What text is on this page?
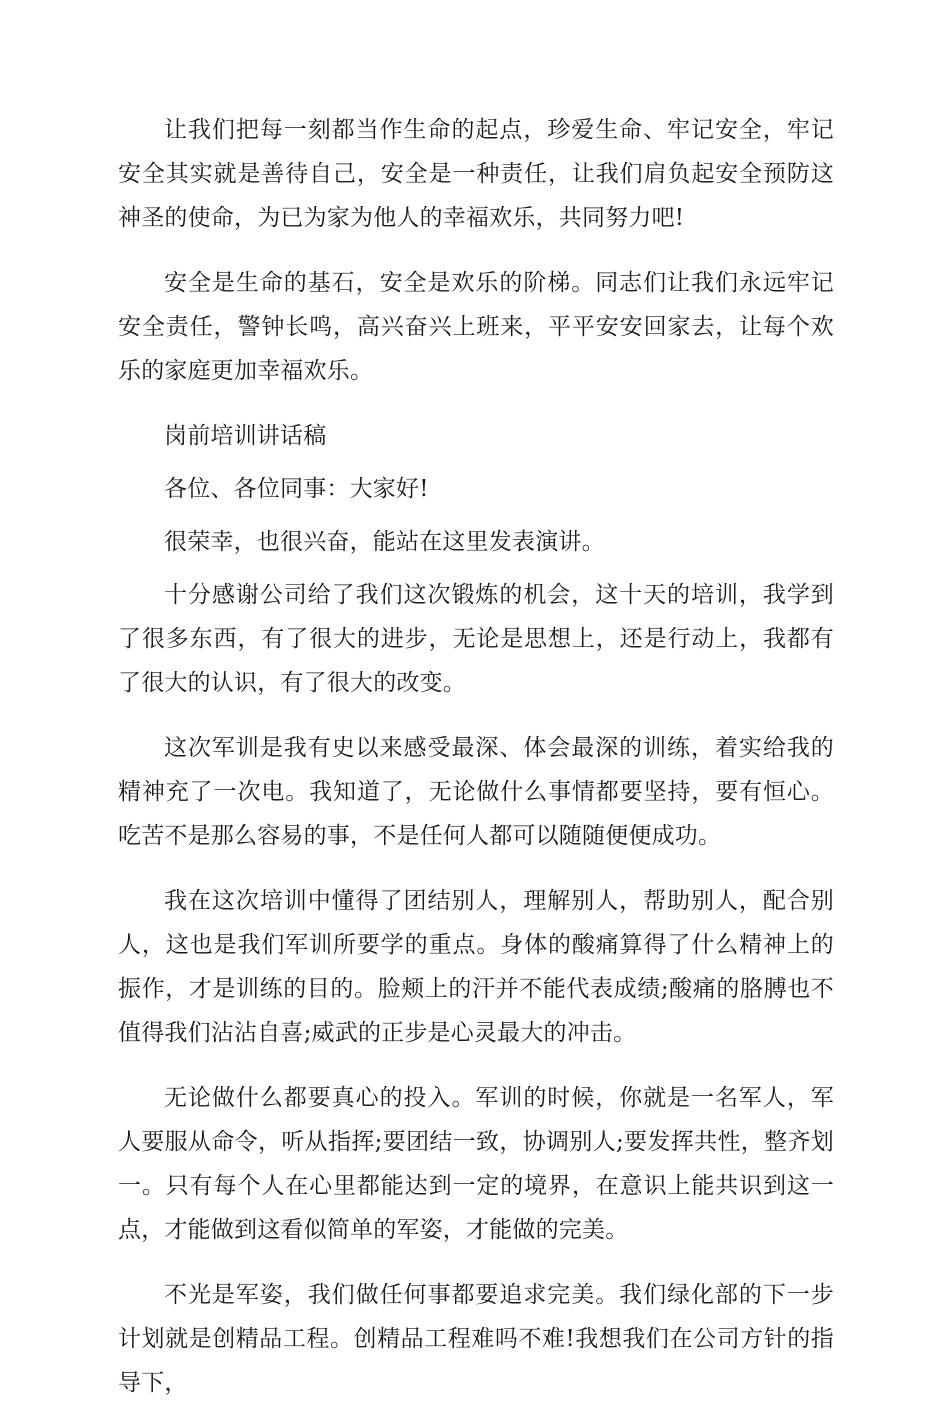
让我们把每一刻都当作生命的起点，珍爱生命、牢记安全，牢记安全其实就是善待自己，安全是一种责任，让我们肩负起安全预防这神圣的使命，为已为家为他人的幸福欢乐，共同努力吧!

安全是生命的基石，安全是欢乐的阶梯。同志们让我们永远牢记安全责任，警钟长鸣，高兴奋兴上班来，平平安安回家去，让每个欢乐的家庭更加幸福欢乐。

岗前培训讲话稿

各位、各位同事：大家好!

很荣幸，也很兴奋，能站在这里发表演讲。

十分感谢公司给了我们这次锻炼的机会，这十天的培训，我学到了很多东西，有了很大的进步，无论是思想上，还是行动上，我都有了很大的认识，有了很大的改变。

这次军训是我有史以来感受最深、体会最深的训练，着实给我的精神充了一次电。我知道了，无论做什么事情都要坚持，要有恒心。吃苦不是那么容易的事，不是任何人都可以随随便便成功。

我在这次培训中懂得了团结别人，理解别人，帮助别人，配合别人，这也是我们军训所要学的重点。身体的酸痛算得了什么精神上的振作，才是训练的目的。脸颊上的汗并不能代表成绩;酸痛的胳膊也不值得我们沾沾自喜;威武的正步是心灵最大的冲击。

无论做什么都要真心的投入。军训的时候，你就是一名军人，军人要服从命令，听从指挥;要团结一致，协调别人;要发挥共性，整齐划一。只有每个人在心里都能达到一定的境界，在意识上能共识到这一点，才能做到这看似简单的军姿，才能做的完美。

不光是军姿，我们做任何事都要追求完美。我们绿化部的下一步计划就是创精品工程。创精品工程难吗不难!我想我们在公司方针的指导下，
